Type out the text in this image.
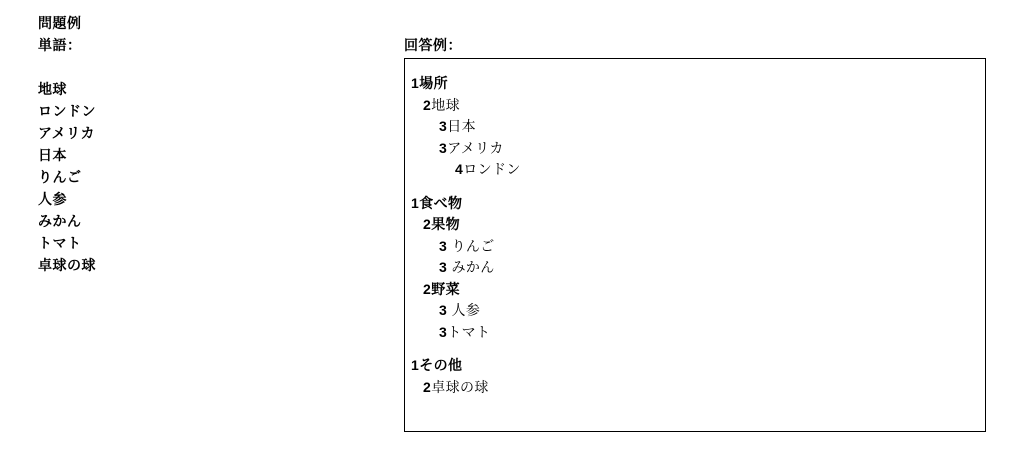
問題例
単語：
地球
ロンドン
アメリカ
日本
りんご
人参
みかん
トマト
卓球の球
回答例：
1場所
2地球
3日本
3アメリカ
4ロンドン
1食べ物
2果物
3 りんご
3 みかん
2野菜
3 人参
3トマト
1その他
2卓球の球
